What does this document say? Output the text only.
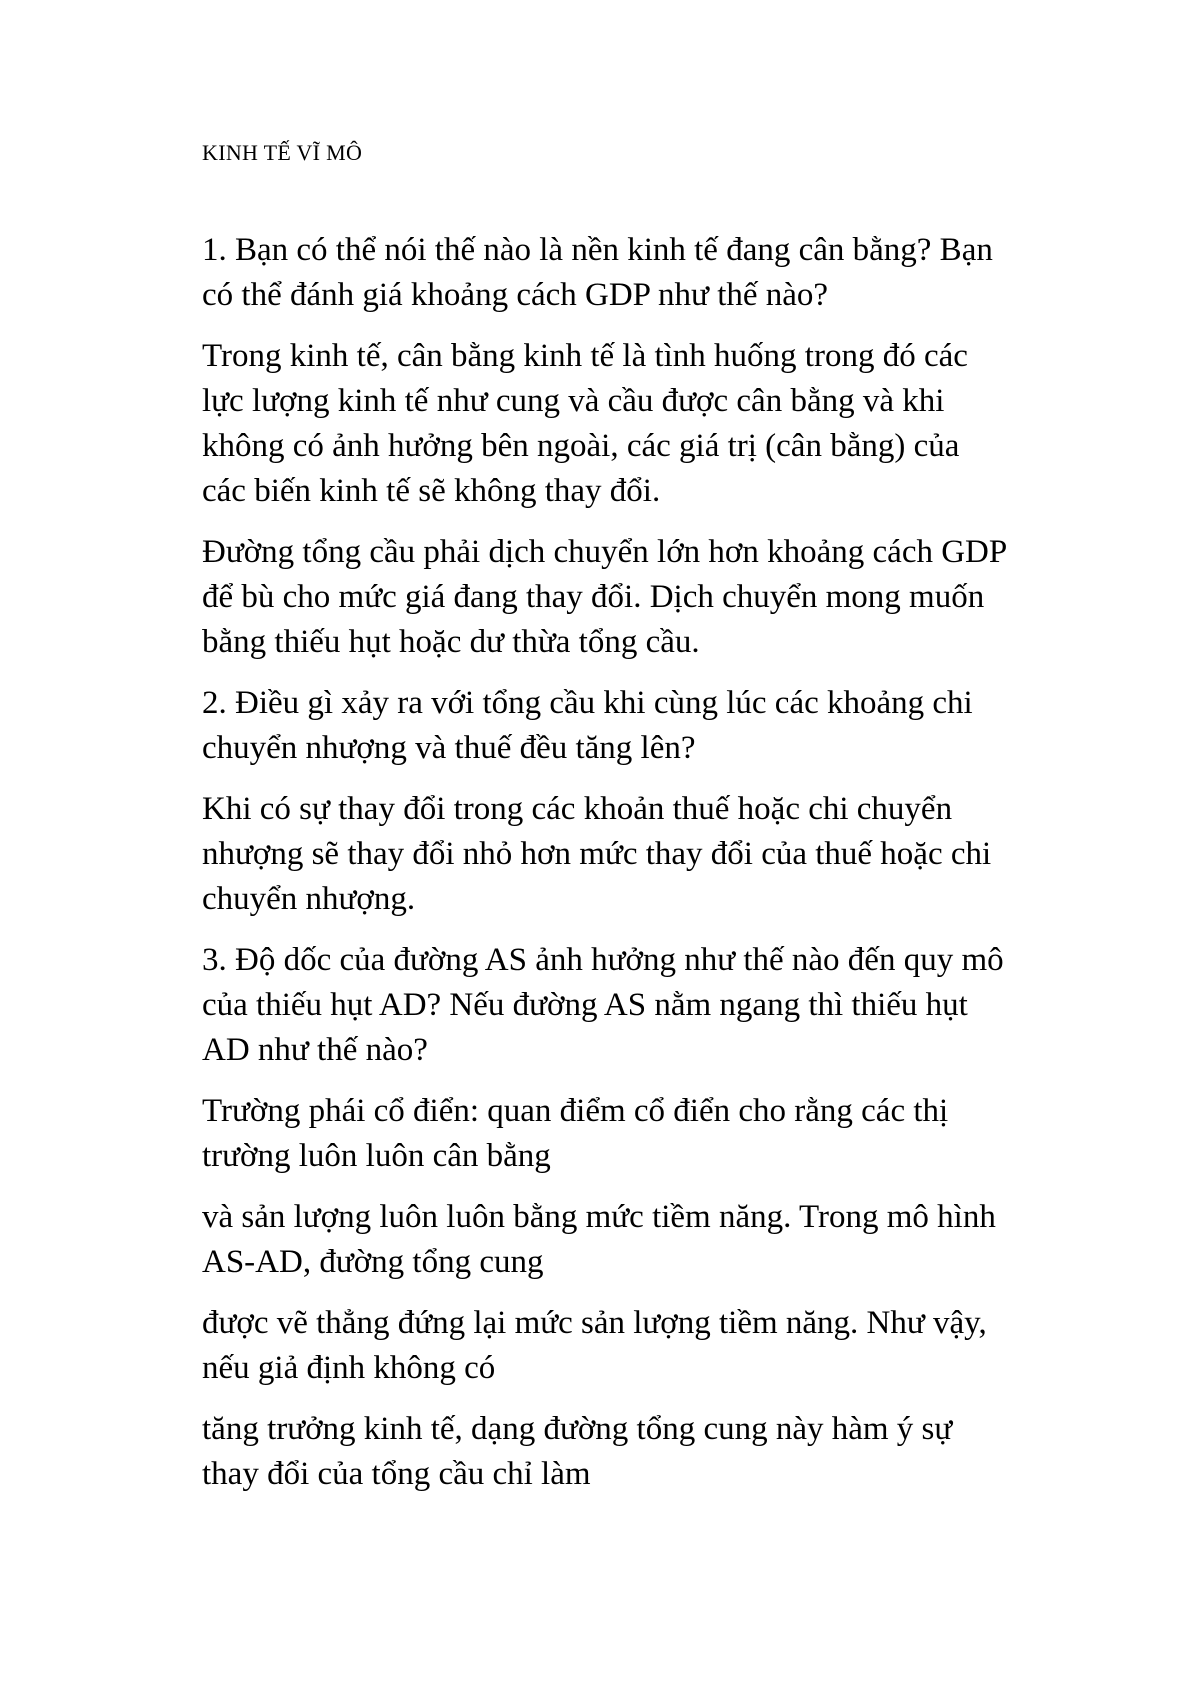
KINH TẾ VĨ MÔ
1. Bạn có thể nói thế nào là nền kinh tế đang cân bằng? Bạn
có thể đánh giá khoảng cách GDP như thế nào?
Trong kinh tế, cân bằng kinh tế là tình huống trong đó các
lực lượng kinh tế như cung và cầu được cân bằng và khi
không có ảnh hưởng bên ngoài, các giá trị (cân bằng) của
các biến kinh tế sẽ không thay đổi.
Đường tổng cầu phải dịch chuyển lớn hơn khoảng cách GDP
để bù cho mức giá đang thay đổi. Dịch chuyển mong muốn
bằng thiếu hụt hoặc dư thừa tổng cầu.
2. Điều gì xảy ra với tổng cầu khi cùng lúc các khoảng chi
chuyển nhượng và thuế đều tăng lên?
Khi có sự thay đổi trong các khoản thuế hoặc chi chuyển
nhượng sẽ thay đổi nhỏ hơn mức thay đổi của thuế hoặc chi
chuyển nhượng.
3. Độ dốc của đường AS ảnh hưởng như thế nào đến quy mô
của thiếu hụt AD? Nếu đường AS nằm ngang thì thiếu hụt
AD như thế nào?
Trường phái cổ điển: quan điểm cổ điển cho rằng các thị
trường luôn luôn cân bằng
và sản lượng luôn luôn bằng mức tiềm năng. Trong mô hình
AS-AD, đường tổng cung
được vẽ thẳng đứng lại mức sản lượng tiềm năng. Như vậy,
nếu giả định không có
tăng trưởng kinh tế, dạng đường tổng cung này hàm ý sự
thay đổi của tổng cầu chỉ làm
